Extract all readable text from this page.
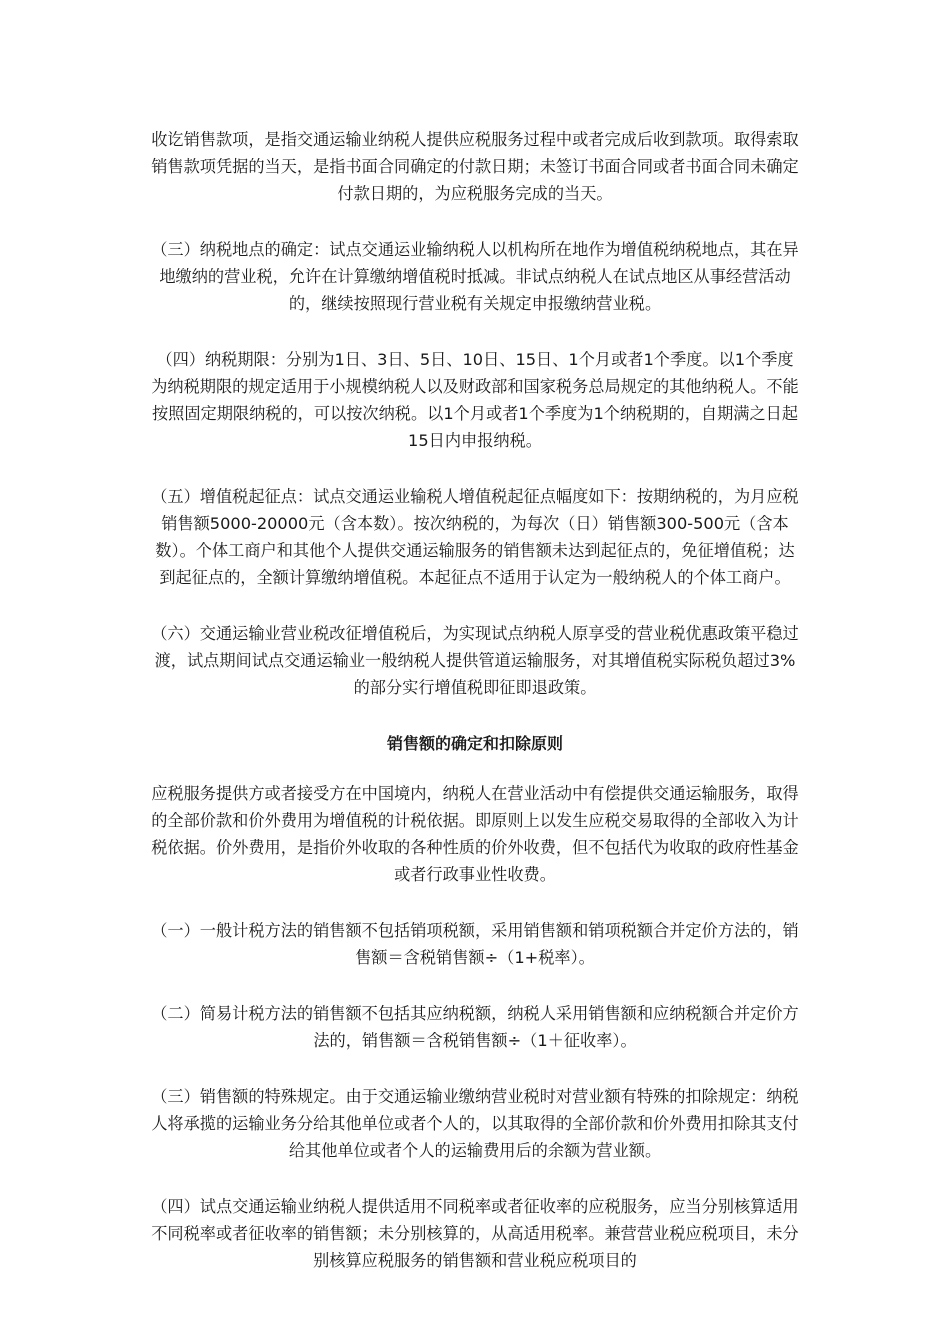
收讫销售款项，是指交通运输业纳税人提供应税服务过程中或者完成后收到款项。取得索取销售款项凭据的当天，是指书面合同确定的付款日期；未签订书面合同或者书面合同未确定付款日期的，为应税服务完成的当天。

（三）纳税地点的确定：试点交通运业输纳税人以机构所在地作为增值税纳税地点，其在异地缴纳的营业税，允许在计算缴纳增值税时抵减。非试点纳税人在试点地区从事经营活动的，继续按照现行营业税有关规定申报缴纳营业税。

（四）纳税期限：分别为1日、3日、5日、10日、15日、1个月或者1个季度。以1个季度为纳税期限的规定适用于小规模纳税人以及财政部和国家税务总局规定的其他纳税人。不能按照固定期限纳税的，可以按次纳税。以1个月或者1个季度为1个纳税期的，自期满之日起15日内申报纳税。

（五）增值税起征点：试点交通运业输税人增值税起征点幅度如下：按期纳税的，为月应税销售额5000-20000元（含本数）。按次纳税的，为每次（日）销售额300-500元（含本数）。个体工商户和其他个人提供交通运输服务的销售额未达到起征点的，免征增值税；达到起征点的，全额计算缴纳增值税。本起征点不适用于认定为一般纳税人的个体工商户。

（六）交通运输业营业税改征增值税后，为实现试点纳税人原享受的营业税优惠政策平稳过渡，试点期间试点交通运输业一般纳税人提供管道运输服务，对其增值税实际税负超过3%的部分实行增值税即征即退政策。

销售额的确定和扣除原则

应税服务提供方或者接受方在中国境内，纳税人在营业活动中有偿提供交通运输服务，取得的全部价款和价外费用为增值税的计税依据。即原则上以发生应税交易取得的全部收入为计税依据。价外费用，是指价外收取的各种性质的价外收费，但不包括代为收取的政府性基金或者行政事业性收费。

（一）一般计税方法的销售额不包括销项税额，采用销售额和销项税额合并定价方法的，销售额＝含税销售额÷（1+税率）。

（二）简易计税方法的销售额不包括其应纳税额，纳税人采用销售额和应纳税额合并定价方法的，销售额＝含税销售额÷（1＋征收率）。

（三）销售额的特殊规定。由于交通运输业缴纳营业税时对营业额有特殊的扣除规定：纳税人将承揽的运输业务分给其他单位或者个人的，以其取得的全部价款和价外费用扣除其支付给其他单位或者个人的运输费用后的余额为营业额。

（四）试点交通运输业纳税人提供适用不同税率或者征收率的应税服务，应当分别核算适用不同税率或者征收率的销售额；未分别核算的，从高适用税率。兼营营业税应税项目，未分别核算应税服务的销售额和营业税应税项目的
